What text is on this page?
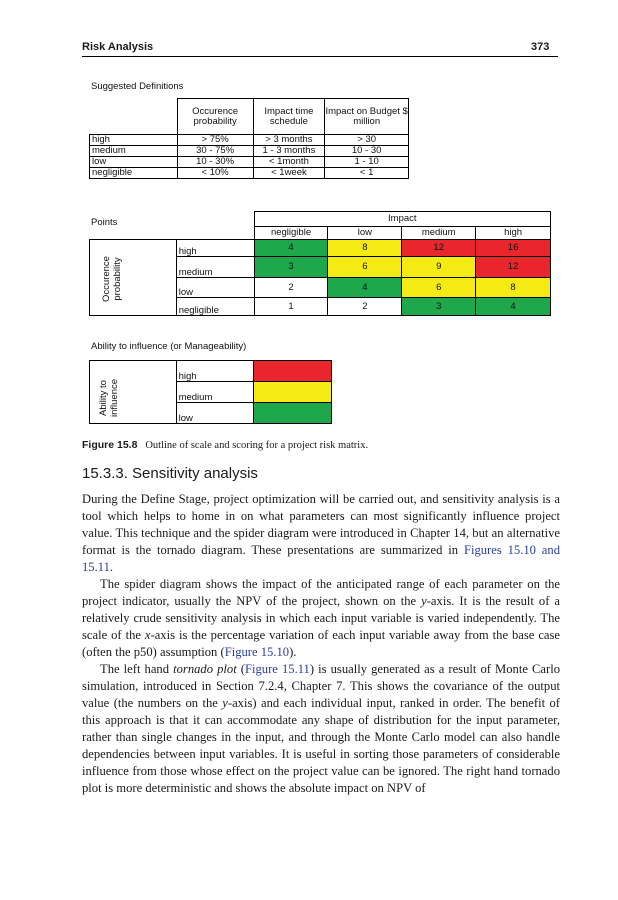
Risk Analysis	373
Suggested Definitions
	Occurence probability	Impact time schedule	Impact on Budget $ million
high	> 75%	> 3 months	> 30
medium	30 - 75%	1 - 3 months	10 - 30
low	10 - 30%	< 1month	1 - 10
negligible	< 10%	< 1week	< 1
Points
			Impact			
		negligible	low	medium	high

Occurence probability	high	4	8	12	16
	medium	3	6	9	12
	low	2	4	6	8
	negligible	1	2	3	4
Ability to influence (or Manageability)
Ability to influence	high	
	medium	
	low	
Figure 15.8 Outline of scale and scoring for a project risk matrix.
15.3.3. Sensitivity analysis

During the Define Stage, project optimization will be carried out, and sensitivity analysis is a tool which helps to home in on what parameters can most significantly influence project value. This technique and the spider diagram were introduced in Chapter 14, but an alternative format is the tornado diagram. These presentations are summarized in Figures 15.10 and 15.11.

The spider diagram shows the impact of the anticipated range of each parameter on the project indicator, usually the NPV of the project, shown on the y-axis. It is the result of a relatively crude sensitivity analysis in which each input variable is varied independently. The scale of the x-axis is the percentage variation of each input variable away from the base case (often the p50) assumption (Figure 15.10).

The left hand tornado plot (Figure 15.11) is usually generated as a result of Monte Carlo simulation, introduced in Section 7.2.4, Chapter 7. This shows the covariance of the output value (the numbers on the y-axis) and each individual input, ranked in order. The benefit of this approach is that it can accommodate any shape of distribution for the input parameter, rather than single changes in the input, and through the Monte Carlo model can also handle dependencies between input variables. It is useful in sorting those parameters of considerable influence from those whose effect on the project value can be ignored. The right hand tornado plot is more deterministic and shows the absolute impact on NPV of
